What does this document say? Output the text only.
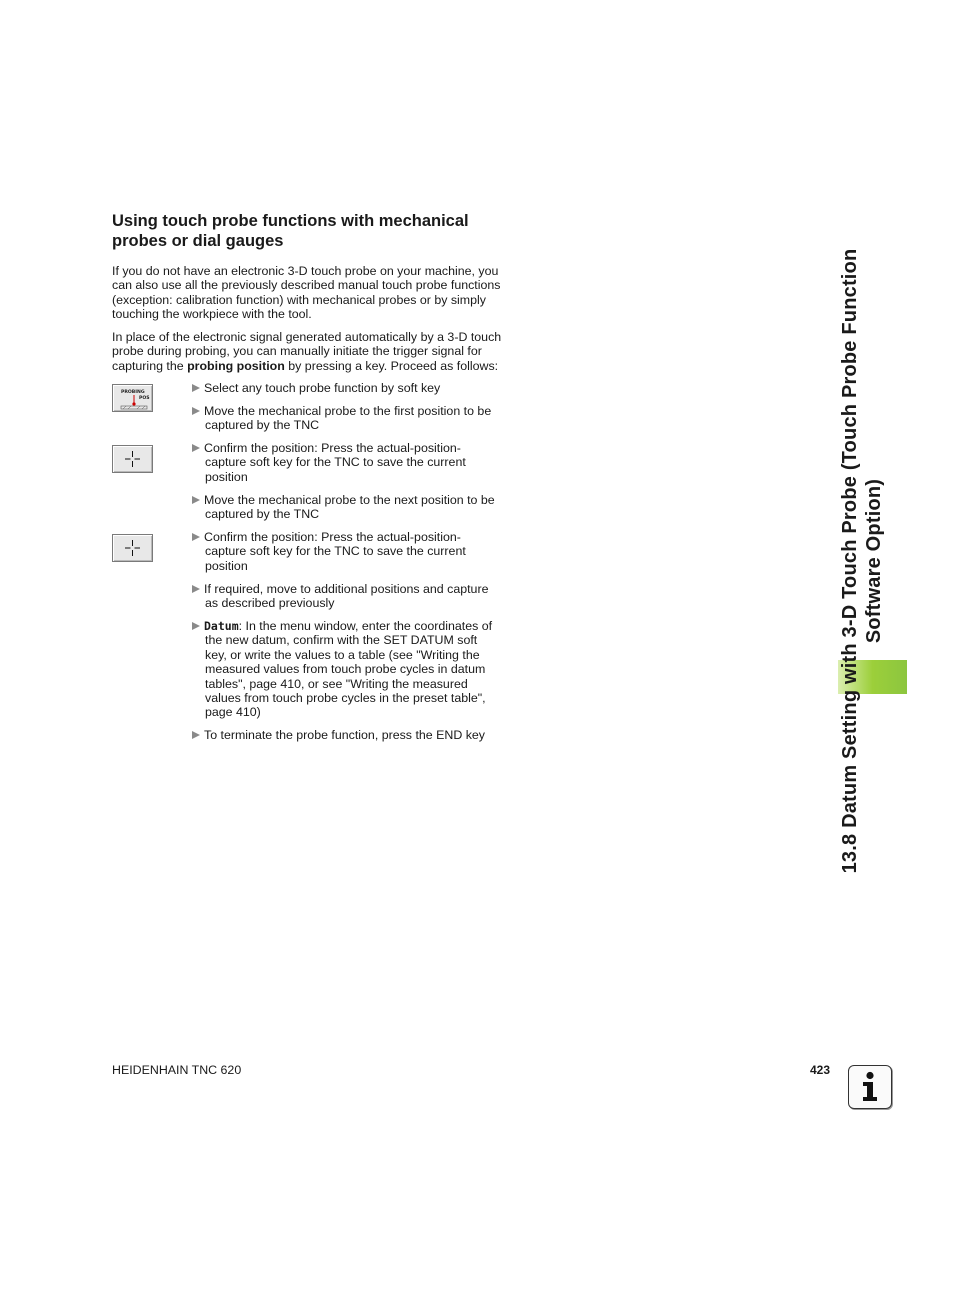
Using touch probe functions with mechanical probes or dial gauges

If you do not have an electronic 3-D touch probe on your machine, you can also use all the previously described manual touch probe functions (exception: calibration function) with mechanical probes or by simply touching the workpiece with the tool.

In place of the electronic signal generated automatically by a 3-D touch probe during probing, you can manually initiate the trigger signal for capturing the probing position by pressing a key. Proceed as follows:

PROBING
POS
Select any touch probe function by soft key
Move the mechanical probe to the first position to be
captured by the TNC
Confirm the position: Press the actual-position-
capture soft key for the TNC to save the current
position
Move the mechanical probe to the next position to be
captured by the TNC
Confirm the position: Press the actual-position-
capture soft key for the TNC to save the current
position
If required, move to additional positions and capture
as described previously
Datum: In the menu window, enter the coordinates of
the new datum, confirm with the SET DATUM soft
key, or write the values to a table (see "Writing the
measured values from touch probe cycles in datum
tables", page 410, or see "Writing the measured
values from touch probe cycles in the preset table",
page 410)
To terminate the probe function, press the END key	13.8 Datum Setting with 3-D Touch Probe (Touch Probe Function Software Option)
HEIDENHAIN TNC 620	423
